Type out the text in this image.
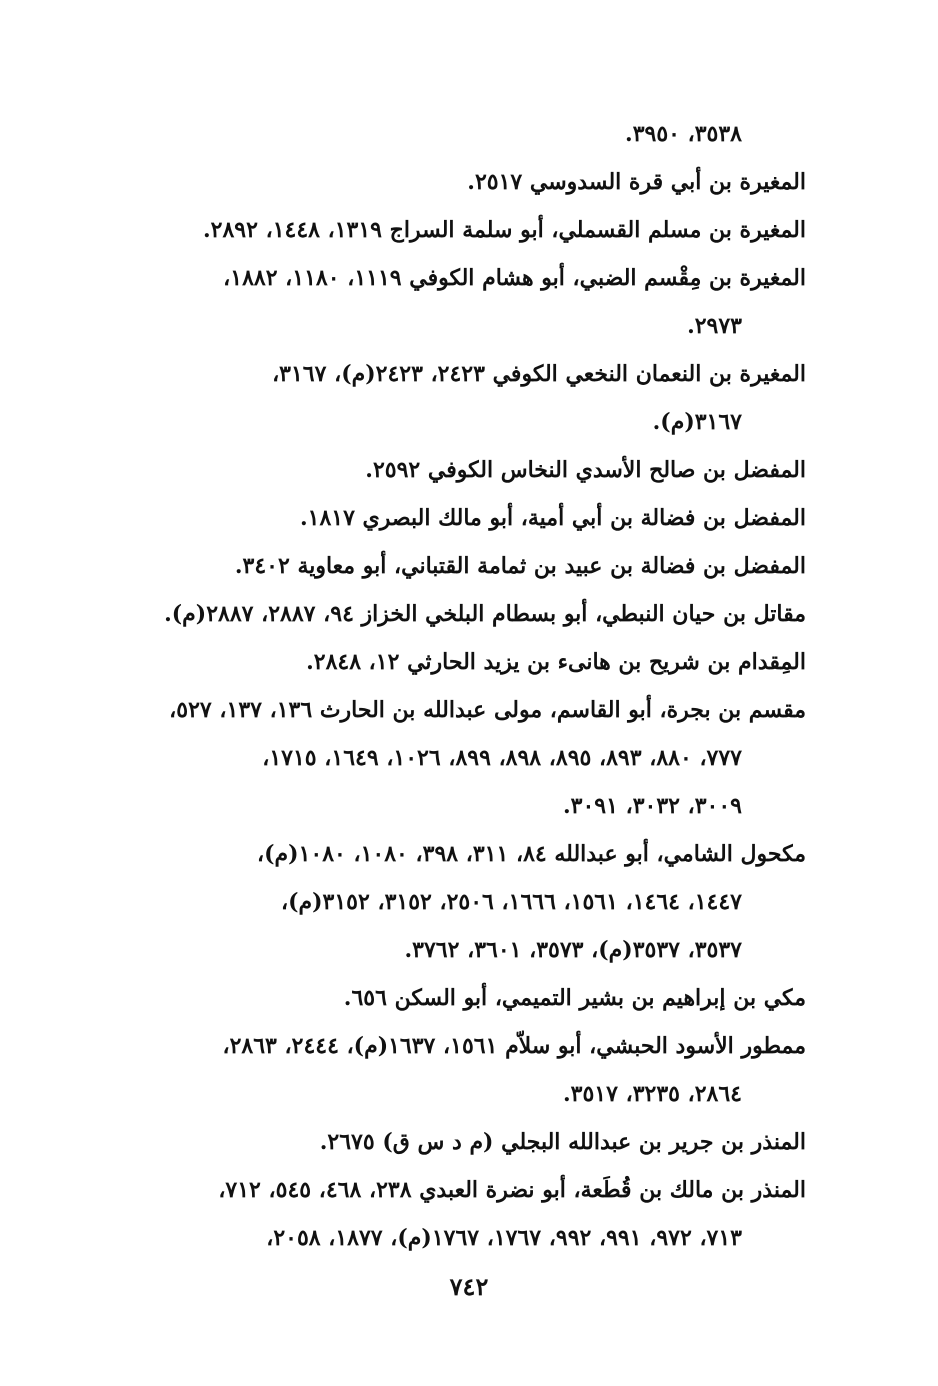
٣٥٣٨، ٣٩٥٠.

المغيرة بن أبي قرة السدوسي ٢٥١٧.

المغيرة بن مسلم القسملي، أبو سلمة السراج ١٣١٩، ١٤٤٨، ٢٨٩٢.

المغيرة بن مِقْسم الضبي، أبو هشام الكوفي ١١١٩، ١١٨٠، ١٨٨٢،
٢٩٧٣.

المغيرة بن النعمان النخعي الكوفي ٢٤٢٣، ٢٤٢٣(م)، ٣١٦٧،
٣١٦٧(م).

المفضل بن صالح الأسدي النخاس الكوفي ٢٥٩٢.

المفضل بن فضالة بن أبي أمية، أبو مالك البصري ١٨١٧.

المفضل بن فضالة بن عبيد بن ثمامة القتباني، أبو معاوية ٣٤٠٢.

مقاتل بن حيان النبطي، أبو بسطام البلخي الخزاز ٩٤، ٢٨٨٧، ٢٨٨٧(م).

المِقدام بن شريح بن هانىء بن يزيد الحارثي ١٢، ٢٨٤٨.

مقسم بن بجرة، أبو القاسم، مولى عبدالله بن الحارث ١٣٦، ١٣٧، ٥٢٧،
٧٧٧، ٨٨٠، ٨٩٣، ٨٩٥، ٨٩٨، ٨٩٩، ١٠٢٦، ١٦٤٩، ١٧١٥،
٣٠٠٩، ٣٠٣٢، ٣٠٩١.

مكحول الشامي، أبو عبدالله ٨٤، ٣١١، ٣٩٨، ١٠٨٠، ١٠٨٠(م)،
١٤٤٧، ١٤٦٤، ١٥٦١، ١٦٦٦، ٢٥٠٦، ٣١٥٢، ٣١٥٢(م)،
٣٥٣٧، ٣٥٣٧(م)، ٣٥٧٣، ٣٦٠١، ٣٧٦٢.

مكي بن إبراهيم بن بشير التميمي، أبو السكن ٦٥٦.

ممطور الأسود الحبشي، أبو سلاّم ١٥٦١، ١٦٣٧(م)، ٢٤٤٤، ٢٨٦٣،
٢٨٦٤، ٣٢٣٥، ٣٥١٧.

المنذر بن جرير بن عبدالله البجلي (م د س ق) ٢٦٧٥.

المنذر بن مالك بن قُطَعة، أبو نضرة العبدي ٢٣٨، ٤٦٨، ٥٤٥، ٧١٢،
٧١٣، ٩٧٢، ٩٩١، ٩٩٢، ١٧٦٧، ١٧٦٧(م)، ١٨٧٧، ٢٠٥٨،

٧٤٢
